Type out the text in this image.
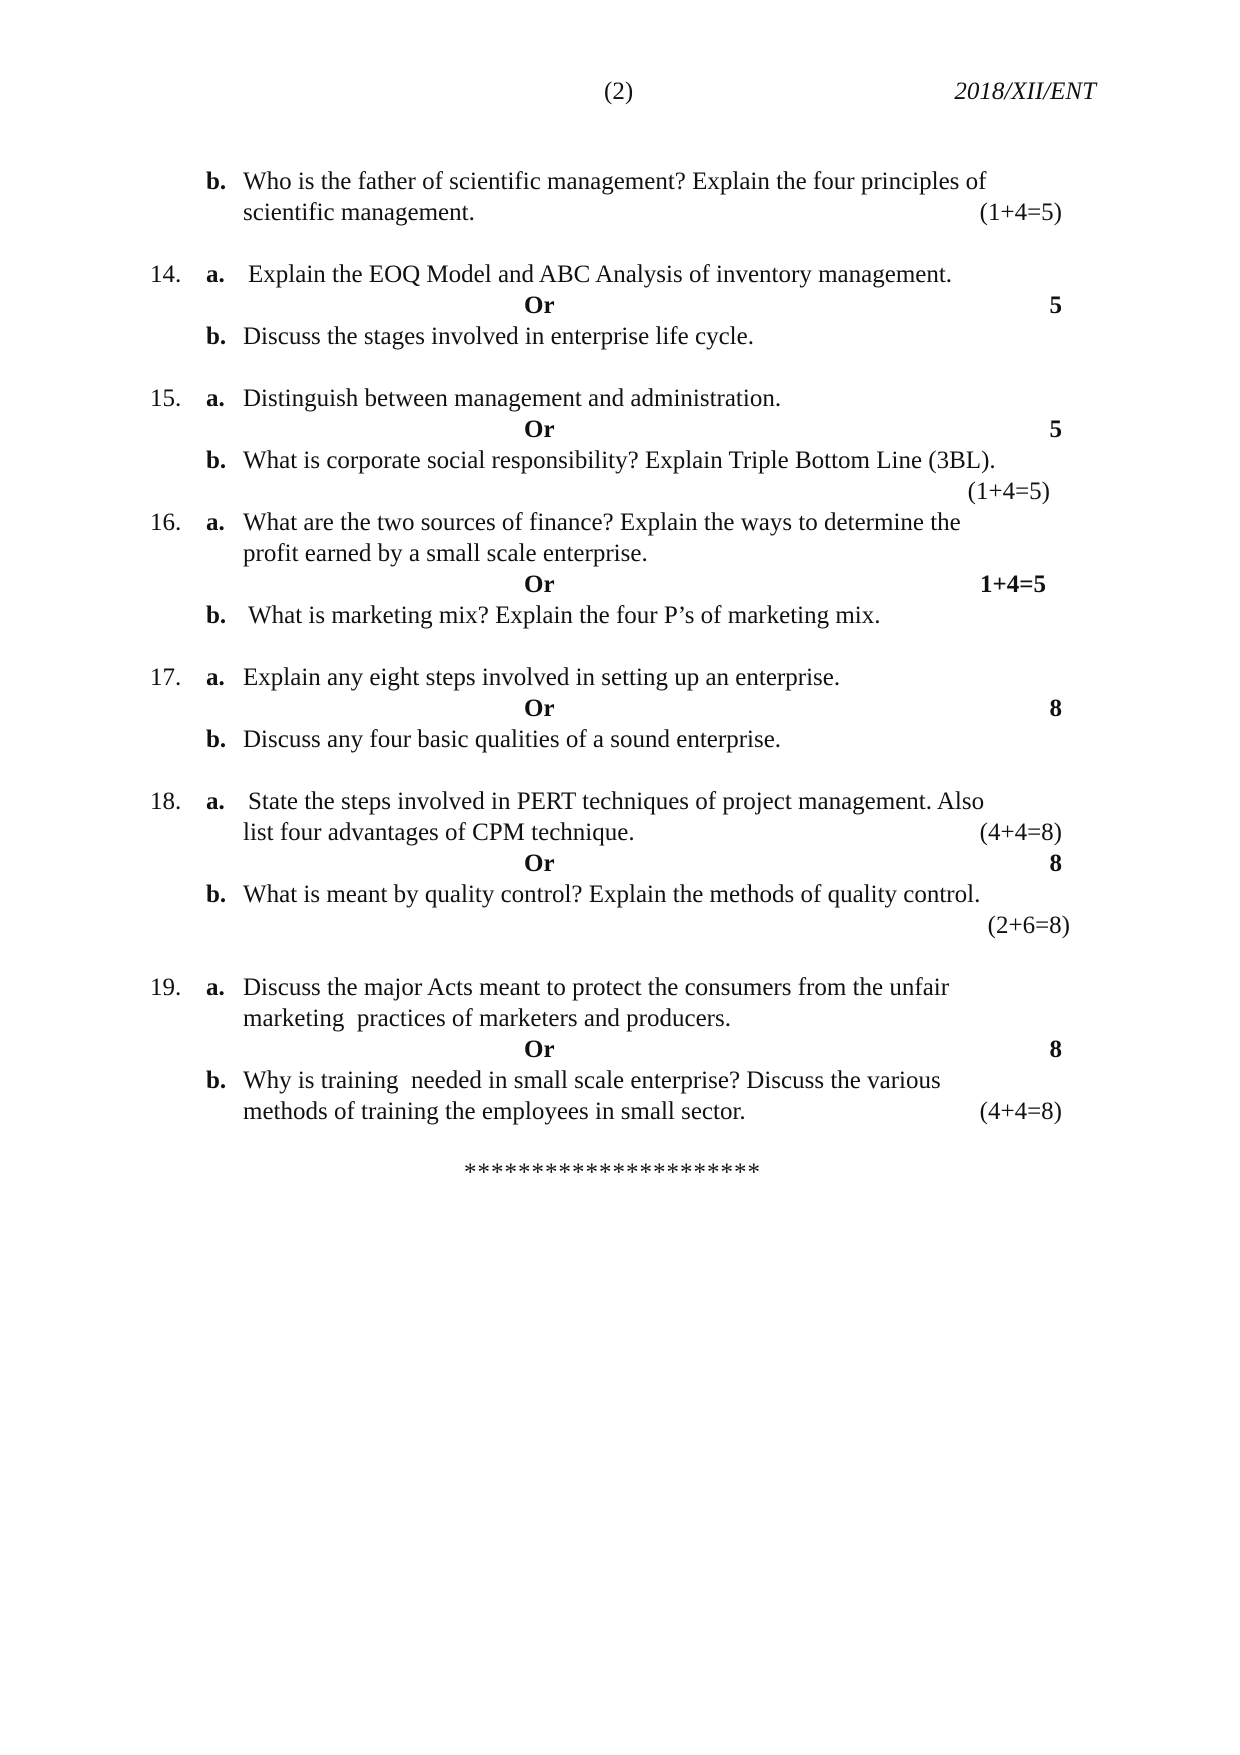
(2)	2018/XII/ENT
b. Who is the father of scientific management? Explain the four principles of
scientific management.	(1+4=5)
14. a. Explain the EOQ Model and ABC Analysis of inventory management.
Or	5
b. Discuss the stages involved in enterprise life cycle.
15. a. Distinguish between management and administration.
Or	5
b. What is corporate social responsibility? Explain Triple Bottom Line (3BL).
(1+4=5)
16. a. What are the two sources of finance? Explain the ways to determine the
profit earned by a small scale enterprise.
Or	1+4=5
b. What is marketing mix? Explain the four P’s of marketing mix.
17. a. Explain any eight steps involved in setting up an enterprise.
Or	8
b. Discuss any four basic qualities of a sound enterprise.
18. a. State the steps involved in PERT techniques of project management. Also
list four advantages of CPM technique.	(4+4=8)
Or	8
b. What is meant by quality control? Explain the methods of quality control.
(2+6=8)
19. a. Discuss the major Acts meant to protect the consumers from the unfair
marketing  practices of marketers and producers.
Or	8
b. Why is training  needed in small scale enterprise? Discuss the various
methods of training the employees in small sector.	(4+4=8)
**********************
